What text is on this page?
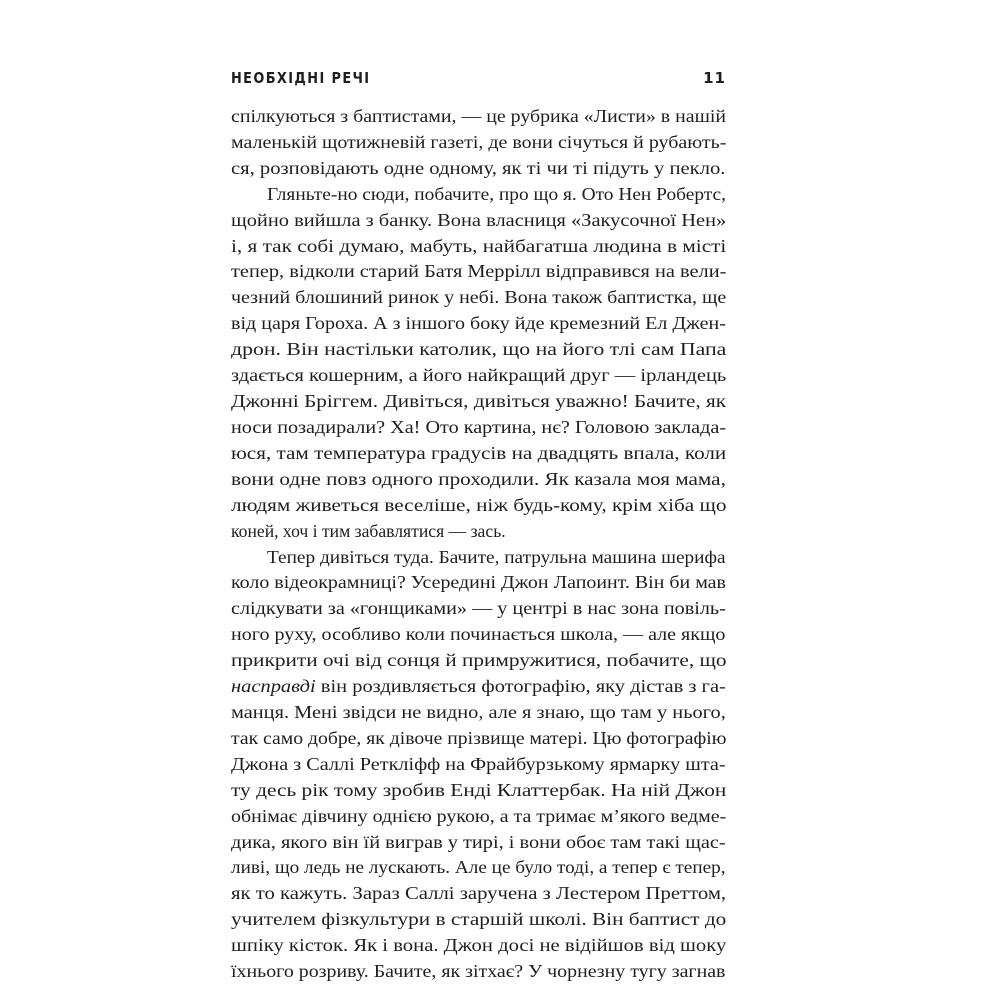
НЕОБХІДНІ РЕЧІ	11
спілкуються з баптистами, — це рубрика «Листи» в нашій
маленькій щотижневій газеті, де вони січуться й рубають-
ся, розповідають одне одному, як ті чи ті підуть у пекло.
Гляньте-но сюди, побачите, про що я. Ото Нен Робертс,
щойно вийшла з банку. Вона власниця «Закусочної Нен»
і, я так собі думаю, мабуть, найбагатша людина в місті
тепер, відколи старий Батя Меррілл відправився на вели-
чезний блошиний ринок у небі. Вона також баптистка, ще
від царя Гороха. А з іншого боку йде кремезний Ел Джен-
дрон. Він настільки католик, що на його тлі сам Папа
здається кошерним, а його найкращий друг — ірландець
Джонні Бріггем. Дивіться, дивіться уважно! Бачите, як
носи позадирали? Ха! Ото картина, нє? Головою заклада-
юся, там температура градусів на двадцять впала, коли
вони одне повз одного проходили. Як казала моя мама,
людям живеться веселіше, ніж будь-кому, крім хіба що
коней, хоч і тим забавлятися — зась.
Тепер дивіться туда. Бачите, патрульна машина шерифа
коло відеокрамниці? Усередині Джон Лапоинт. Він би мав
слідкувати за «гонщиками» — у центрі в нас зона повіль-
ного руху, особливо коли починається школа, — але якщо
прикрити очі від сонця й примружитися, побачите, що
насправді він роздивляється фотографію, яку дістав з га-
манця. Мені звідси не видно, але я знаю, що там у нього,
так само добре, як дівоче прізвище матері. Цю фотографію
Джона з Саллі Реткліфф на Фрайбурзькому ярмарку шта-
ту десь рік тому зробив Енді Клаттербак. На ній Джон
обнімає дівчину однією рукою, а та тримає м’якого ведме-
дика, якого він їй виграв у тирі, і вони обоє там такі щас-
ливі, що ледь не лускають. Але це було тоді, а тепер є тепер,
як то кажуть. Зараз Саллі заручена з Лестером Преттом,
учителем фізкультури в старшій школі. Він баптист до
шпіку кісток. Як і вона. Джон досі не відійшов від шоку
їхнього розриву. Бачите, як зітхає? У чорнезну тугу загнав
